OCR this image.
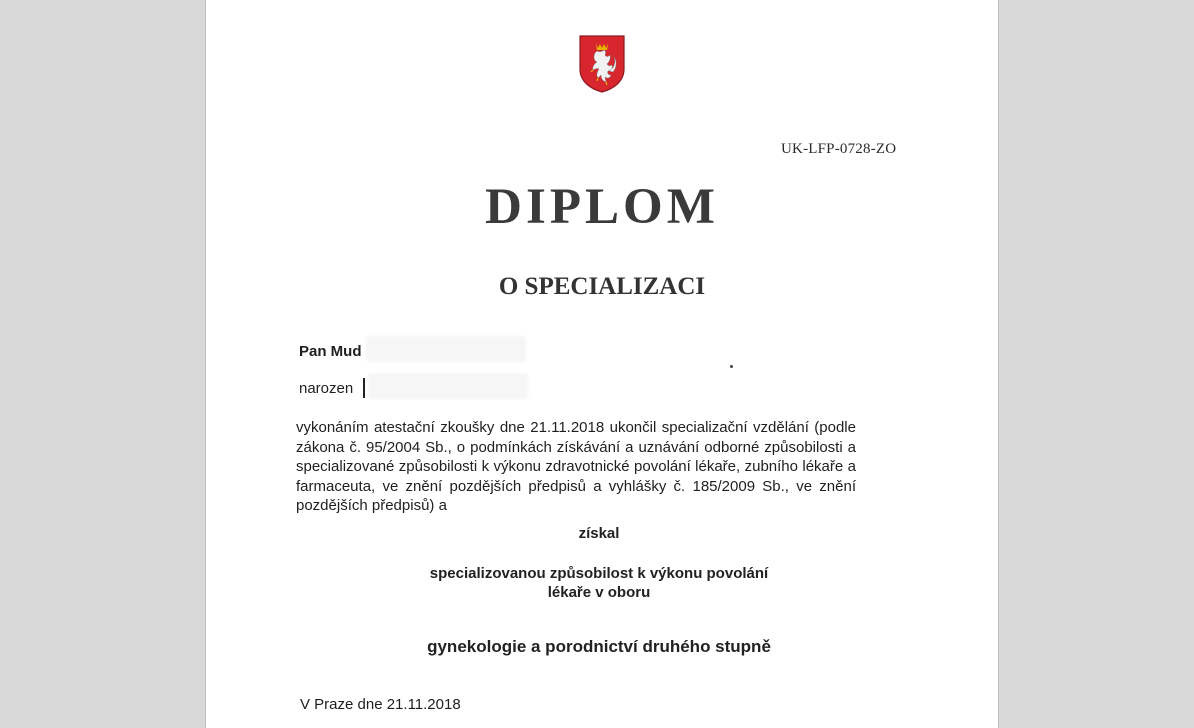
UK-LFP-0728-ZO
DIPLOM
O SPECIALIZACI
Pan Mud
narozen
vykonáním atestační zkoušky dne 21.11.2018 ukončil specializační vzdělání (podle zákona č. 95/2004 Sb., o podmínkách získávání a uznávání odborné způsobilosti a specializované způsobilosti k výkonu zdravotnické povolání lékaře, zubního lékaře a farmaceuta, ve znění pozdějších předpisů a vyhlášky č. 185/2009 Sb., ve znění pozdějších předpisů) a
získal
specializovanou způsobilost k výkonu povolání
lékaře v oboru
gynekologie a porodnictví druhého stupně
V Praze dne 21.11.2018
